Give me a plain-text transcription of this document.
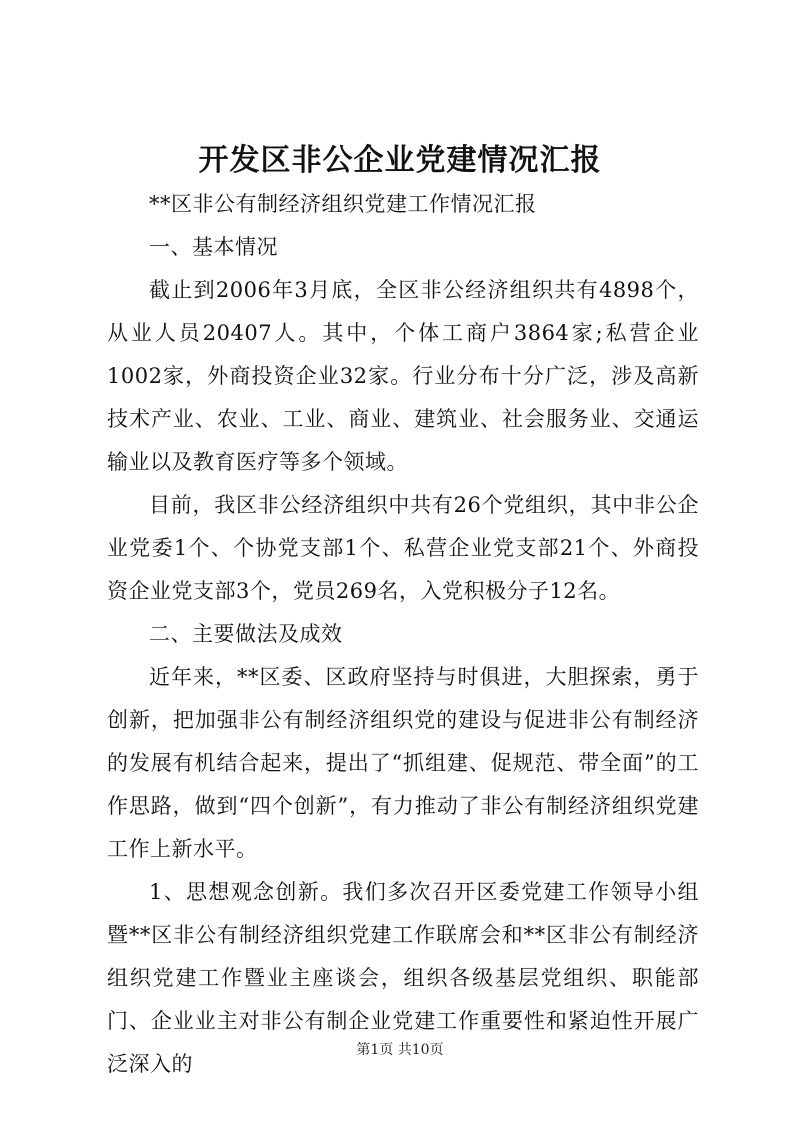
开发区非公企业党建情况汇报

**区非公有制经济组织党建工作情况汇报

一、基本情况

截止到2006年3月底，全区非公经济组织共有4898个，从业人员20407人。其中，个体工商户3864家;私营企业1002家，外商投资企业32家。行业分布十分广泛，涉及高新技术产业、农业、工业、商业、建筑业、社会服务业、交通运输业以及教育医疗等多个领域。

目前，我区非公经济组织中共有26个党组织，其中非公企业党委1个、个协党支部1个、私营企业党支部21个、外商投资企业党支部3个，党员269名，入党积极分子12名。

二、主要做法及成效

近年来，**区委、区政府坚持与时俱进，大胆探索，勇于创新，把加强非公有制经济组织党的建设与促进非公有制经济的发展有机结合起来，提出了“抓组建、促规范、带全面”的工作思路，做到“四个创新”，有力推动了非公有制经济组织党建工作上新水平。

1、思想观念创新。我们多次召开区委党建工作领导小组暨**区非公有制经济组织党建工作联席会和**区非公有制经济组织党建工作暨业主座谈会，组织各级基层党组织、职能部门、企业业主对非公有制企业党建工作重要性和紧迫性开展广泛深入的

第1页 共10页
